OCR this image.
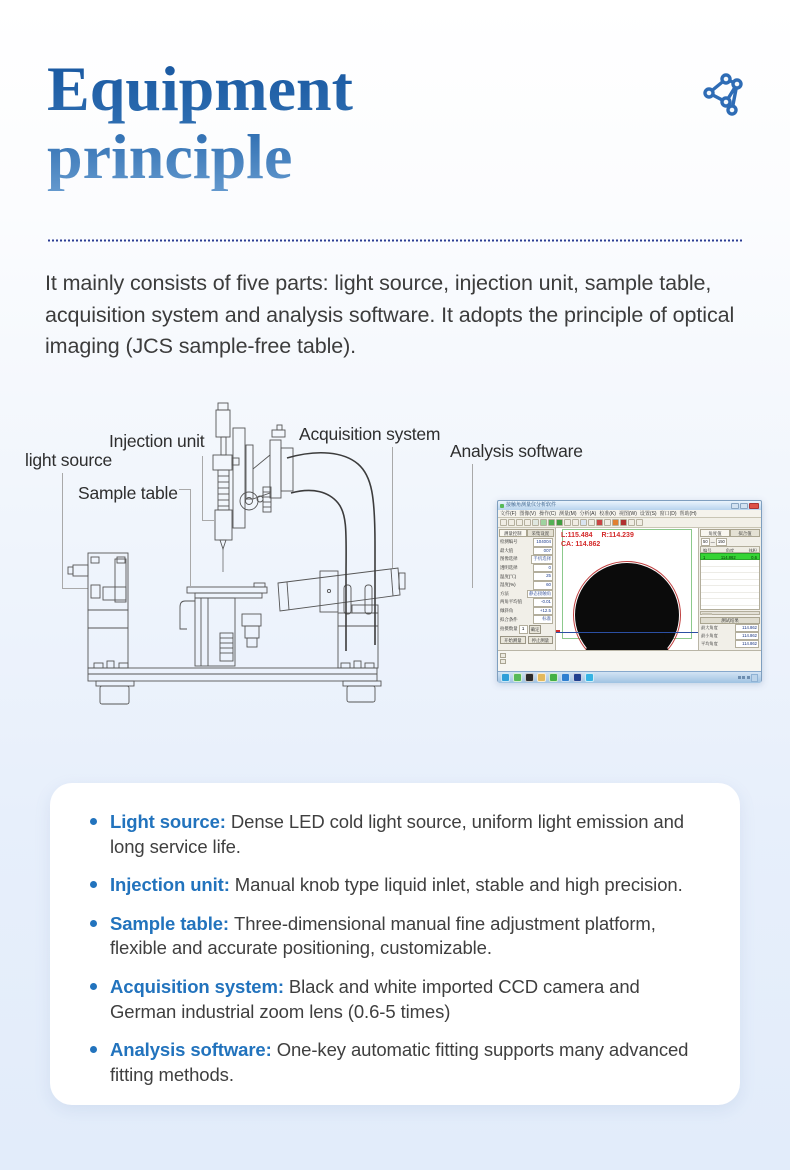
Equipment
principle
It mainly consists of five parts: light source, injection unit, sample table,
acquisition system and analysis software. It adopts the principle of optical
imaging (JCS sample-free table).
Injection unit
light source
Sample table
Acquisition system
Analysis software
接触角测量仪分析软件
文件(F) 图像(V) 操作(C) 测量(M) 分析(A) 校准(K) 视图(W) 设置(S) 窗口(D) 帮助(H)
测量控制	采集设置
检测编号	104004
最大值	007
图像选择	手机选择
透明选择	0
温度(℃)	25
湿度(%)	60
方法	静态接触角
两角平均值	-0.01
倾斜角	+12.5
拟合条件	标准
拍摄数量 1	确定
开始测量	停止测量
L:115.484 R:114.239
CA: 114.862
角度值	拟合值
50 — 150
编号	角度	体积
1	114.862	0.6
测试结果
最大角度	114.862
最小角度	114.862
平均角度	114.862
Light source: Dense LED cold light source, uniform light emission and long service life.
Injection unit: Manual knob type liquid inlet, stable and high precision.
Sample table: Three-dimensional manual fine adjustment platform, flexible and accurate positioning, customizable.
Acquisition system: Black and white imported CCD camera and German industrial zoom lens (0.6-5 times)
Analysis software: One-key automatic fitting supports many advanced fitting methods.
